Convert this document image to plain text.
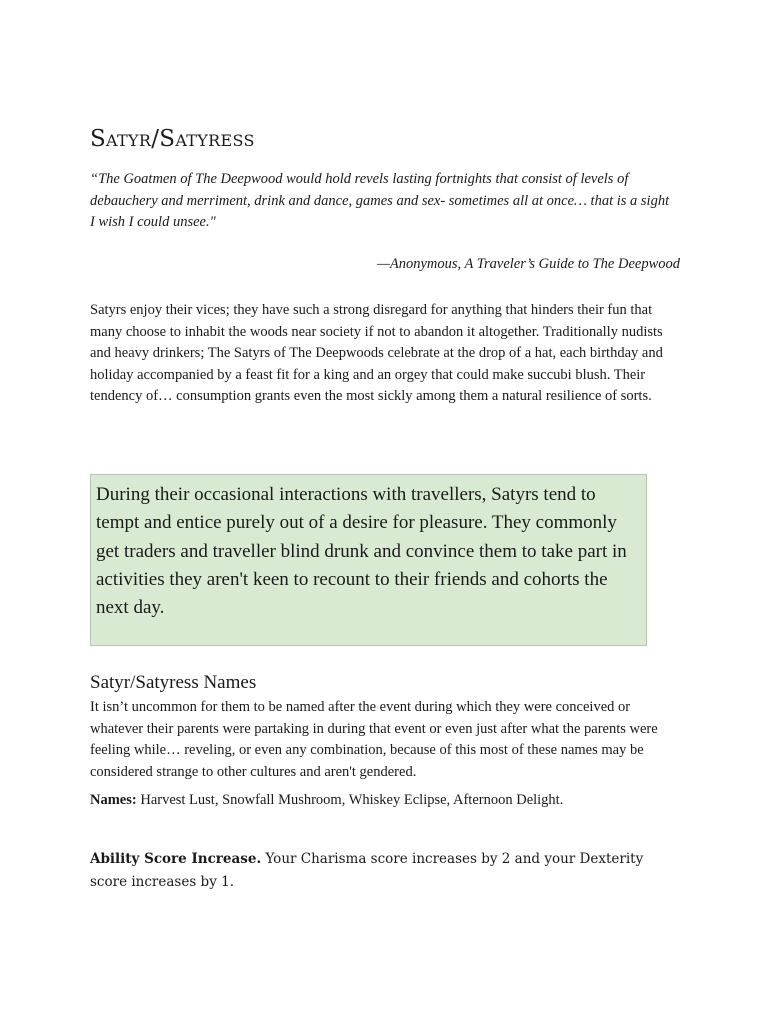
Satyr/Satyress

“The Goatmen of The Deepwood would hold revels lasting fortnights that consist of levels of debauchery and merriment, drink and dance, games and sex- sometimes all at once… that is a sight I wish I could unsee."

—Anonymous, A Traveler’s Guide to The Deepwood

Satyrs enjoy their vices; they have such a strong disregard for anything that hinders their fun that many choose to inhabit the woods near society if not to abandon it altogether. Traditionally nudists and heavy drinkers; The Satyrs of The Deepwoods celebrate at the drop of a hat, each birthday and holiday accompanied by a feast fit for a king and an orgey that could make succubi blush. Their tendency of… consumption grants even the most sickly among them a natural resilience of sorts.

During their occasional interactions with travellers, Satyrs tend to tempt and entice purely out of a desire for pleasure. They commonly get traders and traveller blind drunk and convince them to take part in activities they aren't keen to recount to their friends and cohorts the next day.
Satyr/Satyress Names

It isn’t uncommon for them to be named after the event during which they were conceived or whatever their parents were partaking in during that event or even just after what the parents were feeling while… reveling, or even any combination, because of this most of these names may be considered strange to other cultures and aren't gendered.

Names: Harvest Lust, Snowfall Mushroom, Whiskey Eclipse, Afternoon Delight.

Ability Score Increase. Your Charisma score increases by 2 and your Dexterity score increases by 1.
